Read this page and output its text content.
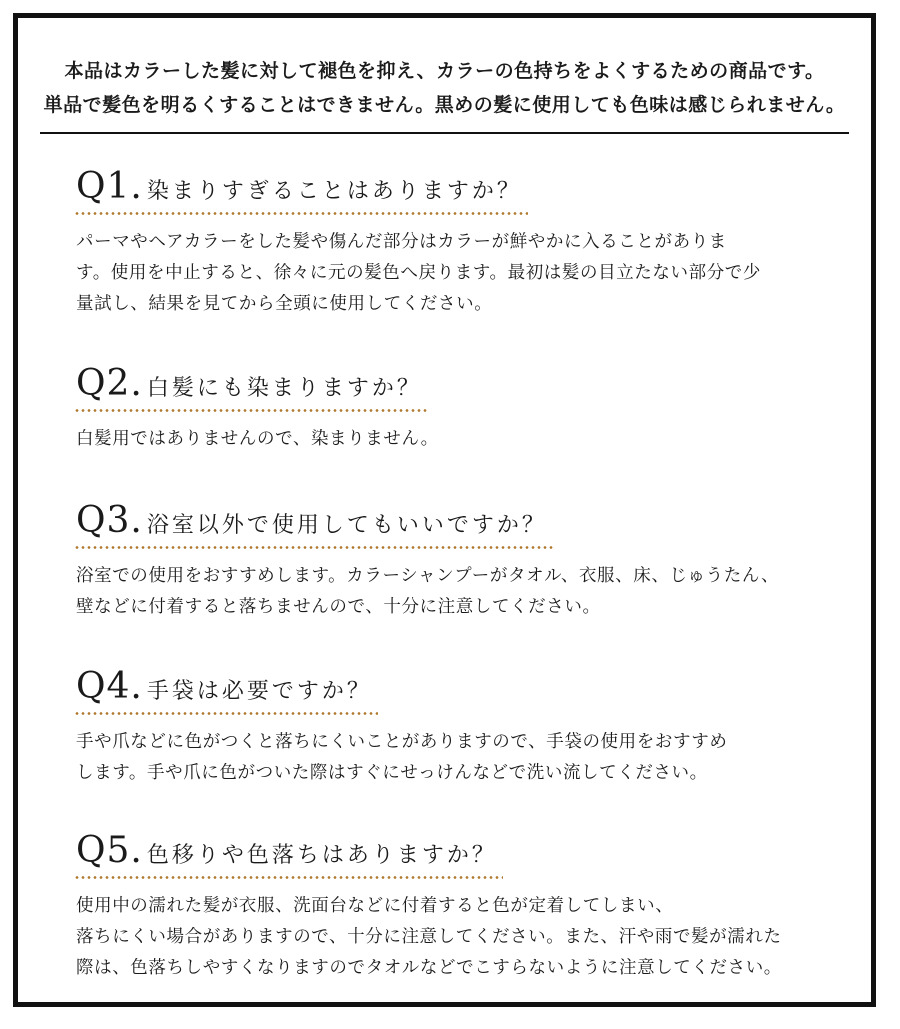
本品はカラーした髪に対して褪色を抑え、カラーの色持ちをよくするための商品です。
単品で髪色を明るくすることはできません。黒めの髪に使用しても色味は感じられません。
Q1. 染まりすぎることはありますか？
パーマやヘアカラーをした髪や傷んだ部分はカラーが鮮やかに入ることがありま
す。使用を中止すると、徐々に元の髪色へ戻ります。最初は髪の目立たない部分で少
量試し、結果を見てから全頭に使用してください。
Q2. 白髪にも染まりますか？
白髪用ではありませんので、染まりません。
Q3. 浴室以外で使用してもいいですか？
浴室での使用をおすすめします。カラーシャンプーがタオル、衣服、床、じゅうたん、
壁などに付着すると落ちませんので、十分に注意してください。
Q4. 手袋は必要ですか？
手や爪などに色がつくと落ちにくいことがありますので、手袋の使用をおすすめ
します。手や爪に色がついた際はすぐにせっけんなどで洗い流してください。
Q5. 色移りや色落ちはありますか？
使用中の濡れた髪が衣服、洗面台などに付着すると色が定着してしまい、
落ちにくい場合がありますので、十分に注意してください。また、汗や雨で髪が濡れた
際は、色落ちしやすくなりますのでタオルなどでこすらないように注意してください。
